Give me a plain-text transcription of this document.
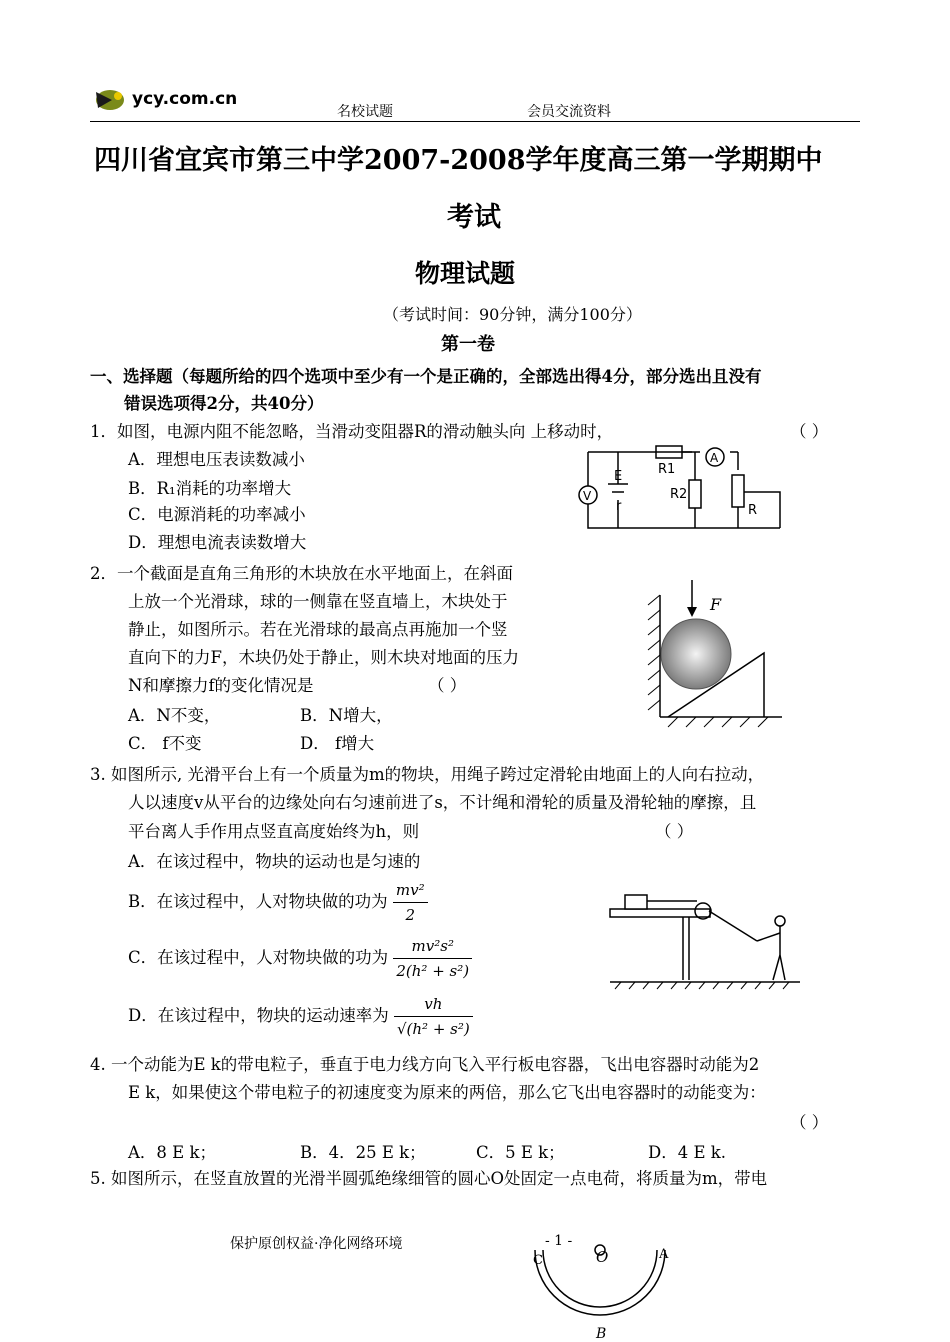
ycy.com.cn
名校试题	会员交流资料
四川省宜宾市第三中学2007-2008学年度高三第一学期期中
考试
物理试题
（考试时间：90分钟，满分100分）
第一卷
一、选择题（每题所给的四个选项中至少有一个是正确的，全部选出得4分，部分选出且没有
错误选项得2分，共40分）
1．如图，电源内阻不能忽略，当滑动变阻器R的滑动触头向 上移动时，	（ ）
A．理想电压表读数减小
B．R₁消耗的功率增大
C．电源消耗的功率减小
D．理想电流表读数增大
V
A
E
r
R1
R2
R
2．一个截面是直角三角形的木块放在水平地面上，在斜面
上放一个光滑球，球的一侧靠在竖直墙上，木块处于
静止，如图所示。若在光滑球的最高点再施加一个竖
直向下的力F，木块仍处于静止，则木块对地面的压力
N和摩擦力f的变化情况是	（ ）
A．N不变，	B．N增大，
C． f不变	D． f增大
F
3. 如图所示, 光滑平台上有一个质量为m的物块，用绳子跨过定滑轮由地面上的人向右拉动，
人以速度v从平台的边缘处向右匀速前进了s，不计绳和滑轮的质量及滑轮轴的摩擦，且
平台离人手作用点竖直高度始终为h，则	（ ）
A．在该过程中，物块的运动也是匀速的
B．在该过程中，人对物块做的功为 $\frac{\text{mv²}}{2}$
C．在该过程中，人对物块做的功为 $\frac{\text{mv²s²}}{\text{2(h² + s²)}}$
D．在该过程中，物块的运动速率为 $\frac{vh}{\text{√(h² + s²)}}$
4. 一个动能为E k的带电粒子，垂直于电力线方向飞入平行板电容器，飞出电容器时动能为2
E k，如果使这个带电粒子的初速度变为原来的两倍，那么它飞出电容器时的动能变为：
（ ）
A．8 E k；	B．4．25 E k；	C．5 E k；	D．4 E k.
5. 如图所示，在竖直放置的光滑半圆弧绝缘细管的圆心O处固定一点电荷，将质量为m，带电
保护原创权益·净化网络环境	- 1 -
O
C	A
B
